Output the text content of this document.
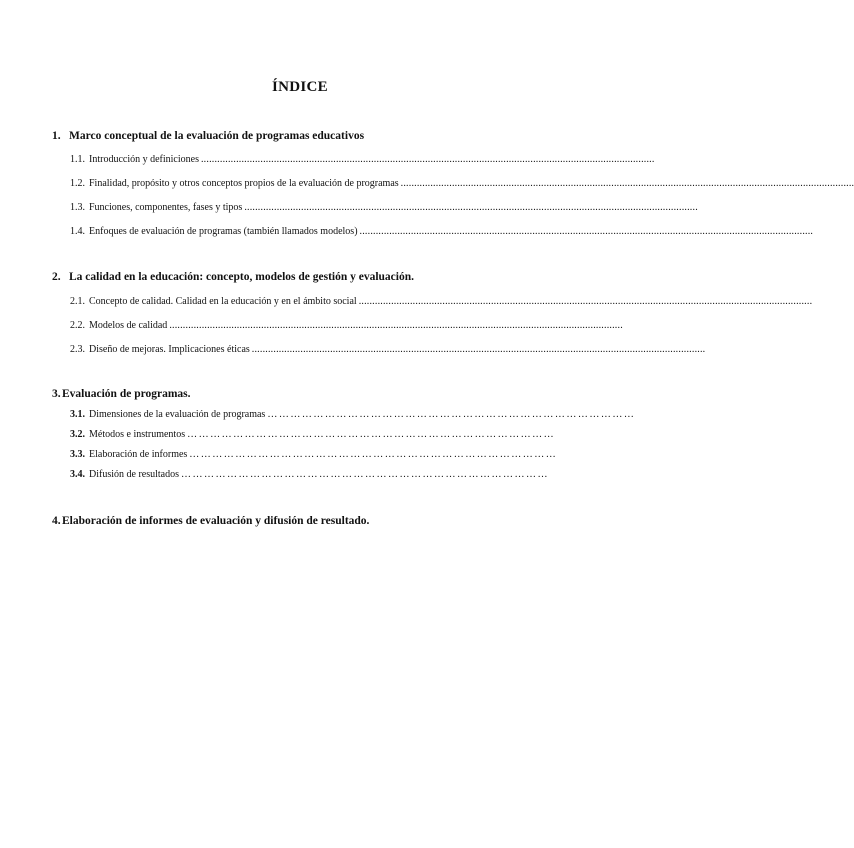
ÍNDICE
1. Marco conceptual de la evaluación de programas educativos
1.1. Introducción y definiciones ........................................................................................................................................................................
1.2. Finalidad, propósito y otros conceptos propios de la evaluación de programas ........................................................................................................................................................................
1.3. Funciones, componentes, fases y tipos ........................................................................................................................................................................
1.4. Enfoques de evaluación de programas (también llamados modelos) ........................................................................................................................................................................
2. La calidad en la educación: concepto, modelos de gestión y evaluación.
2.1. Concepto de calidad. Calidad en la educación y en el ámbito social ........................................................................................................................................................................
2.2. Modelos de calidad ........................................................................................................................................................................
2.3. Diseño de mejoras. Implicaciones éticas ........................................................................................................................................................................
3.Evaluación de programas.
3.1. Dimensiones de la evaluación de programas ……………………………………………………………………………………
3.2. Métodos e instrumentos ……………………………………………………………………………………
3.3. Elaboración de informes ……………………………………………………………………………………
3.4. Difusión de resultados ……………………………………………………………………………………
4.Elaboración de informes de evaluación y difusión de resultado.
